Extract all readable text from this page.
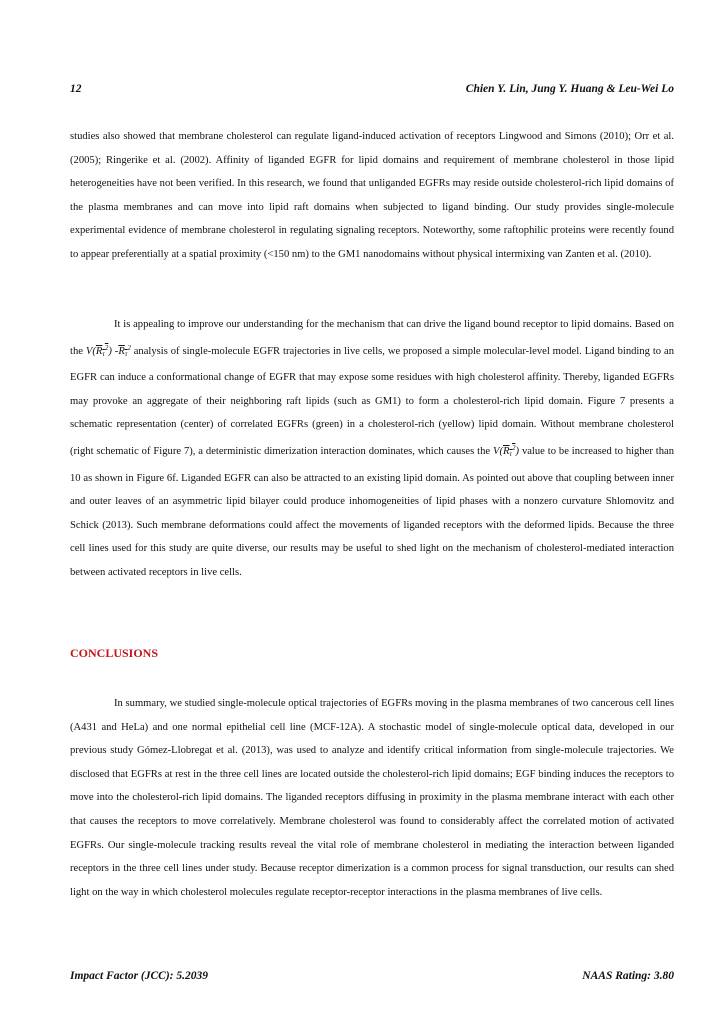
12	Chien Y. Lin, Jung Y. Huang & Leu-Wei Lo

studies also showed that membrane cholesterol can regulate ligand-induced activation of receptors Lingwood and Simons (2010); Orr et al. (2005); Ringerike et al. (2002). Affinity of liganded EGFR for lipid domains and requirement of membrane cholesterol in those lipid heterogeneities have not been verified. In this research, we found that unliganded EGFRs may reside outside cholesterol-rich lipid domains of the plasma membranes and can move into lipid raft domains when subjected to ligand binding. Our study provides single-molecule experimental evidence of membrane cholesterol in regulating signaling receptors. Noteworthy, some raftophilic proteins were recently found to appear preferentially at a spatial proximity (<150 nm) to the GM1 nanodomains without physical intermixing van Zanten et al. (2010).

It is appealing to improve our understanding for the mechanism that can drive the ligand bound receptor to lipid domains. Based on the $V(R_\tau^2)$ $-R_\tau^2$ analysis of single-molecule EGFR trajectories in live cells, we proposed a simple molecular-level model. Ligand binding to an EGFR can induce a conformational change of EGFR that may expose some residues with high cholesterol affinity. Thereby, liganded EGFRs may provoke an aggregate of their neighboring raft lipids (such as GM1) to form a cholesterol-rich lipid domain. Figure 7 presents a schematic representation (center) of correlated EGFRs (green) in a cholesterol-rich (yellow) lipid domain. Without membrane cholesterol (right schematic of Figure 7), a deterministic dimerization interaction dominates, which causes the $V(R_\tau^2)$ value to be increased to higher than 10 as shown in Figure 6f. Liganded EGFR can also be attracted to an existing lipid domain. As pointed out above that coupling between inner and outer leaves of an asymmetric lipid bilayer could produce inhomogeneities of lipid phases with a nonzero curvature Shlomovitz and Schick (2013). Such membrane deformations could affect the movements of liganded receptors with the deformed lipids. Because the three cell lines used for this study are quite diverse, our results may be useful to shed light on the mechanism of cholesterol-mediated interaction between activated receptors in live cells.

CONCLUSIONS

In summary, we studied single-molecule optical trajectories of EGFRs moving in the plasma membranes of two cancerous cell lines (A431 and HeLa) and one normal epithelial cell line (MCF-12A). A stochastic model of single-molecule optical data, developed in our previous study Gómez-Llobregat et al. (2013), was used to analyze and identify critical information from single-molecule trajectories. We disclosed that EGFRs at rest in the three cell lines are located outside the cholesterol-rich lipid domains; EGF binding induces the receptors to move into the cholesterol-rich lipid domains. The liganded receptors diffusing in proximity in the plasma membrane interact with each other that causes the receptors to move correlatively. Membrane cholesterol was found to considerably affect the correlated motion of activated EGFRs. Our single-molecule tracking results reveal the vital role of membrane cholesterol in mediating the interaction between liganded receptors in the three cell lines under study. Because receptor dimerization is a common process for signal transduction, our results can shed light on the way in which cholesterol molecules regulate receptor-receptor interactions in the plasma membranes of live cells.

Impact Factor (JCC): 5.2039	NAAS Rating: 3.80
